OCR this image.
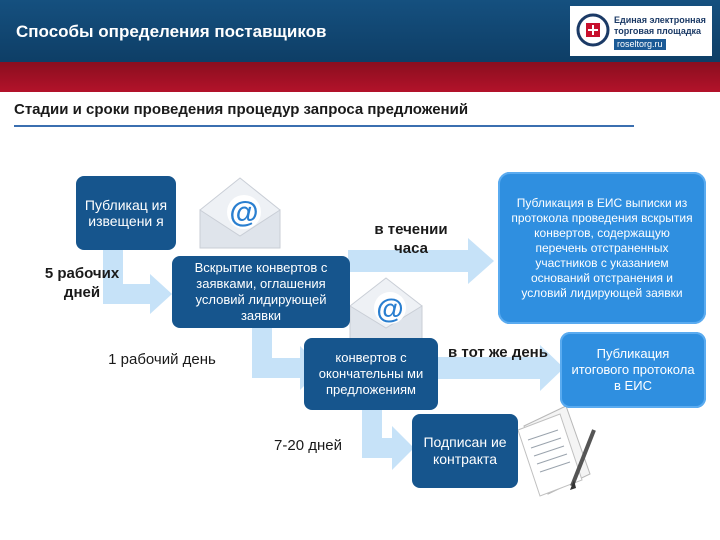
Способы определения поставщиков
Единая электронная
торговая площадка
roseltorg.ru
Стадии и сроки проведения процедур запроса предложений
@
@
Публикац ия извещени я
5 рабочих дней
Вскрытие конвертов с заявками, оглашения условий лидирующей заявки
в течении часа
Публикация в ЕИС выписки из протокола проведения вскрытия конвертов, содержащую перечень отстраненных участников с указанием оснований отстранения и условий лидирующей заявки
1 рабочий день	конвертов с окончательны ми предложениям
в тот же день	Публикация итогового протокола в ЕИС
7-20 дней	Подписан ие контракта
